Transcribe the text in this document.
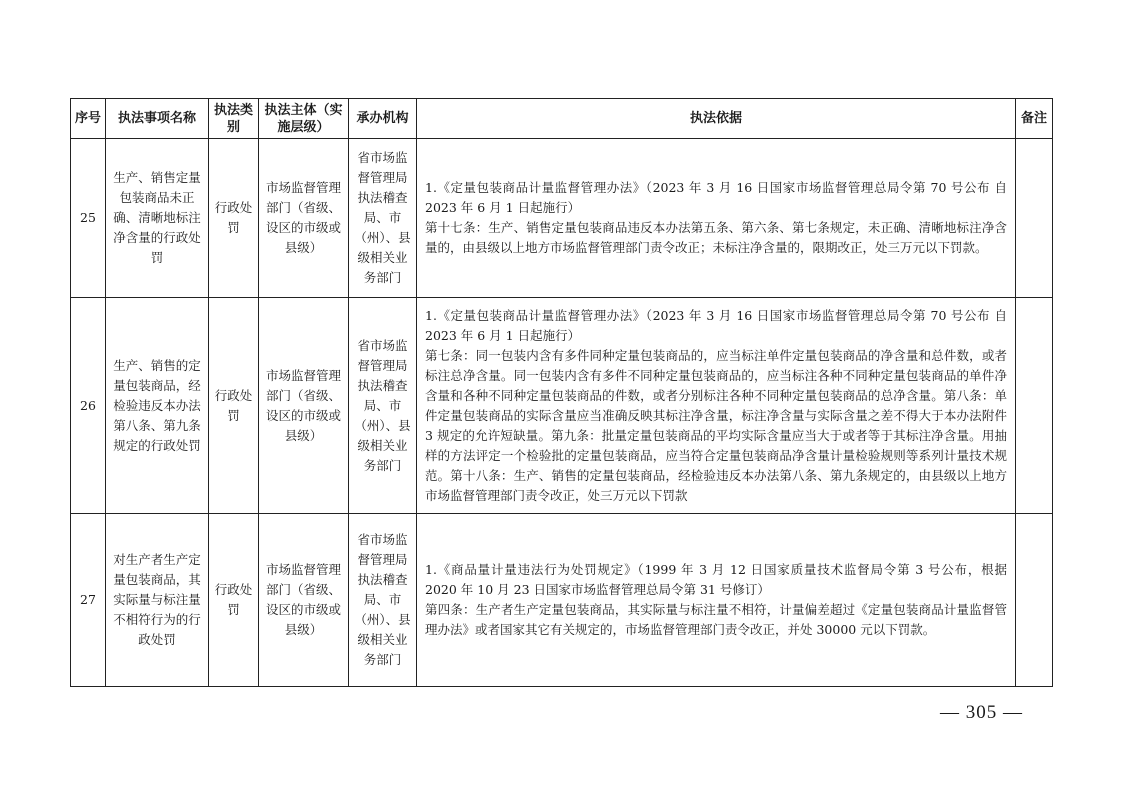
序号	执法事项名称	执法类别	执法主体（实施层级）	承办机构	执法依据	备注
25	生产、销售定量包装商品未正确、清晰地标注净含量的行政处罚	行政处罚	市场监督管理部门（省级、设区的市级或县级）	省市场监督管理局执法稽查局、市（州）、县级相关业务部门	1.《定量包装商品计量监督管理办法》（2023 年 3 月 16 日国家市场监督管理总局令第 70 号公布 自 2023 年 6 月 1 日起施行）
第十七条：生产、销售定量包装商品违反本办法第五条、第六条、第七条规定，未正确、清晰地标注净含量的，由县级以上地方市场监督管理部门责令改正；未标注净含量的，限期改正，处三万元以下罚款。	
26	生产、销售的定量包装商品，经检验违反本办法第八条、第九条规定的行政处罚	行政处罚	市场监督管理部门（省级、设区的市级或县级）	省市场监督管理局执法稽查局、市（州）、县级相关业务部门	1.《定量包装商品计量监督管理办法》（2023 年 3 月 16 日国家市场监督管理总局令第 70 号公布 自 2023 年 6 月 1 日起施行）
第七条：同一包装内含有多件同种定量包装商品的，应当标注单件定量包装商品的净含量和总件数，或者标注总净含量。同一包装内含有多件不同种定量包装商品的，应当标注各种不同种定量包装商品的单件净含量和各种不同种定量包装商品的件数，或者分别标注各种不同种定量包装商品的总净含量。第八条：单件定量包装商品的实际含量应当准确反映其标注净含量，标注净含量与实际含量之差不得大于本办法附件 3 规定的允许短缺量。第九条：批量定量包装商品的平均实际含量应当大于或者等于其标注净含量。用抽样的方法评定一个检验批的定量包装商品，应当符合定量包装商品净含量计量检验规则等系列计量技术规范。第十八条：生产、销售的定量包装商品，经检验违反本办法第八条、第九条规定的，由县级以上地方市场监督管理部门责令改正，处三万元以下罚款	
27	对生产者生产定量包装商品，其实际量与标注量不相符行为的行政处罚	行政处罚	市场监督管理部门（省级、设区的市级或县级）	省市场监督管理局执法稽查局、市（州）、县级相关业务部门	1.《商品量计量违法行为处罚规定》（1999 年 3 月 12 日国家质量技术监督局令第 3 号公布，根据 2020 年 10 月 23 日国家市场监督管理总局令第 31 号修订）
第四条：生产者生产定量包装商品，其实际量与标注量不相符，计量偏差超过《定量包装商品计量监督管理办法》或者国家其它有关规定的，市场监督管理部门责令改正，并处 30000 元以下罚款。	
— 305 —
